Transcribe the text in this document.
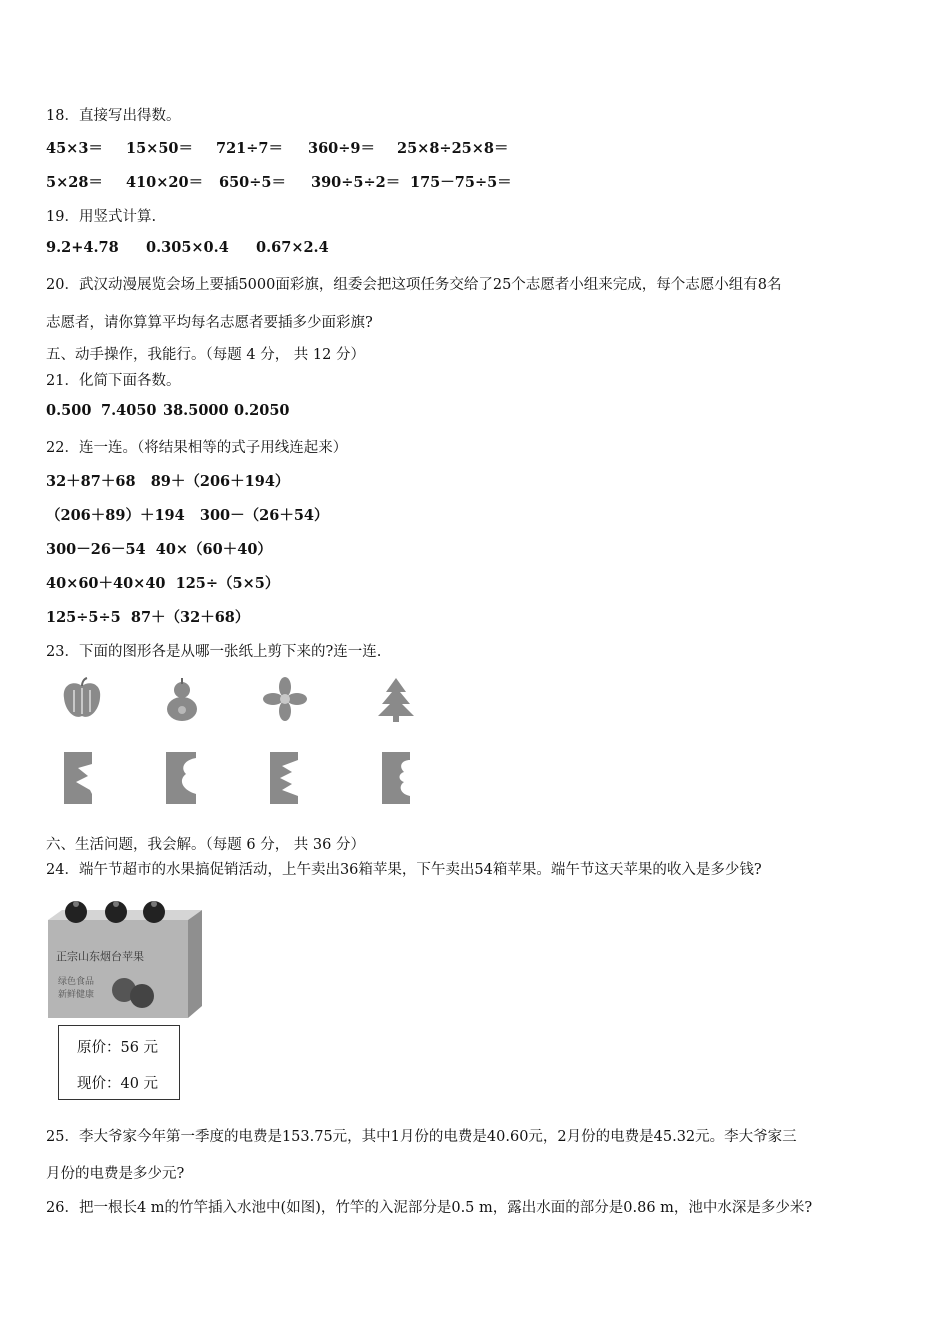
18．直接写出得数。
45×3＝ 15×50＝ 721÷7＝ 360÷9＝ 25×8÷25×8＝
5×28＝ 410×20＝ 650÷5＝ 390÷5÷2＝ 175－75÷5＝
19．用竖式计算.
9.2+4.78 0.305×0.4 0.67×2.4
20．武汉动漫展览会场上要插5000面彩旗，组委会把这项任务交给了25个志愿者小组来完成，每个志愿小组有8名
志愿者，请你算算平均每名志愿者要插多少面彩旗?
五、动手操作，我能行。（每题 4 分， 共 12 分）
21．化简下面各数。
0.500 7.4050 38.5000 0.2050
22．连一连。（将结果相等的式子用线连起来）
32＋87＋68 89＋（206＋194）
（206＋89）＋194 300－（26＋54）
300－26－54 40×（60＋40）
40×60＋40×40 125÷（5×5）
125÷5÷5 87＋（32＋68）
23．下面的图形各是从哪一张纸上剪下来的?连一连.
六、生活问题，我会解。（每题 6 分， 共 36 分）
24．端午节超市的水果搞促销活动，上午卖出36箱苹果，下午卖出54箱苹果。端午节这天苹果的收入是多少钱?
正宗山东烟台苹果
绿色食品
新鲜健康
原价：56 元
现价：40 元
25．李大爷家今年第一季度的电费是153.75元，其中1月份的电费是40.60元，2月份的电费是45.32元。李大爷家三
月份的电费是多少元?
26．把一根长4 m的竹竿插入水池中(如图)，竹竿的入泥部分是0.5 m，露出水面的部分是0.86 m，池中水深是多少米?
